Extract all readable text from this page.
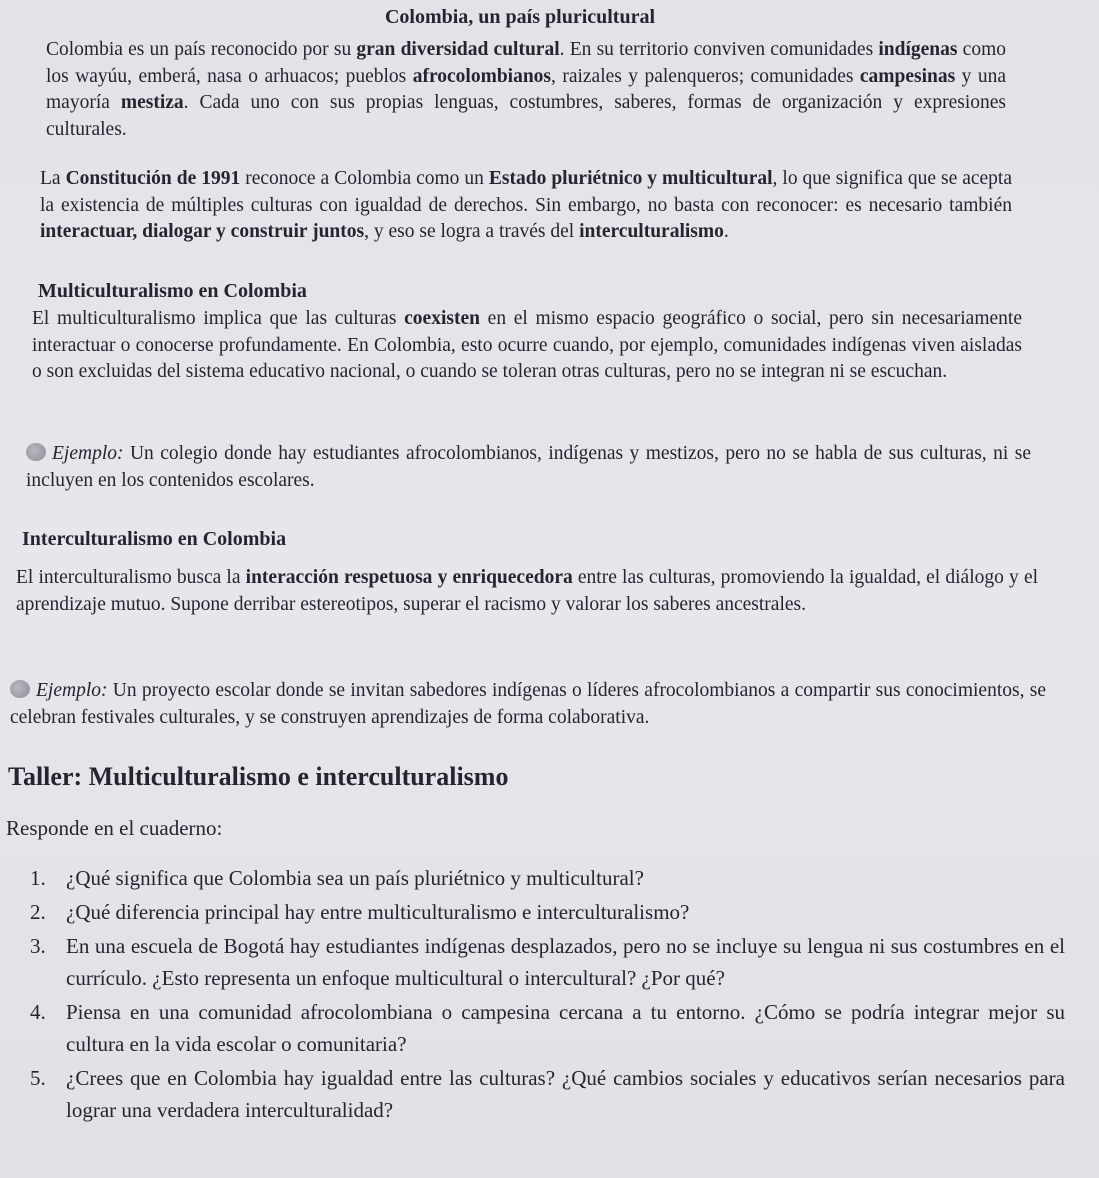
Colombia, un país pluricultural
Colombia es un país reconocido por su gran diversidad cultural. En su territorio conviven comunidades indígenas como los wayúu, emberá, nasa o arhuacos; pueblos afrocolombianos, raizales y palenqueros; comunidades campesinas y una mayoría mestiza. Cada uno con sus propias lenguas, costumbres, saberes, formas de organización y expresiones culturales.
La Constitución de 1991 reconoce a Colombia como un Estado pluriétnico y multicultural, lo que significa que se acepta la existencia de múltiples culturas con igualdad de derechos. Sin embargo, no basta con reconocer: es necesario también interactuar, dialogar y construir juntos, y eso se logra a través del interculturalismo.
Multiculturalismo en Colombia
El multiculturalismo implica que las culturas coexisten en el mismo espacio geográfico o social, pero sin necesariamente interactuar o conocerse profundamente. En Colombia, esto ocurre cuando, por ejemplo, comunidades indígenas viven aisladas o son excluidas del sistema educativo nacional, o cuando se toleran otras culturas, pero no se integran ni se escuchan.
Ejemplo: Un colegio donde hay estudiantes afrocolombianos, indígenas y mestizos, pero no se habla de sus culturas, ni se incluyen en los contenidos escolares.
Interculturalismo en Colombia
El interculturalismo busca la interacción respetuosa y enriquecedora entre las culturas, promoviendo la igualdad, el diálogo y el aprendizaje mutuo. Supone derribar estereotipos, superar el racismo y valorar los saberes ancestrales.
Ejemplo: Un proyecto escolar donde se invitan sabedores indígenas o líderes afrocolombianos a compartir sus conocimientos, se celebran festivales culturales, y se construyen aprendizajes de forma colaborativa.
Taller: Multiculturalismo e interculturalismo
Responde en el cuaderno:
1. ¿Qué significa que Colombia sea un país pluriétnico y multicultural?
2. ¿Qué diferencia principal hay entre multiculturalismo e interculturalismo?
3. En una escuela de Bogotá hay estudiantes indígenas desplazados, pero no se incluye su lengua ni sus costumbres en el currículo. ¿Esto representa un enfoque multicultural o intercultural? ¿Por qué?
4. Piensa en una comunidad afrocolombiana o campesina cercana a tu entorno. ¿Cómo se podría integrar mejor su cultura en la vida escolar o comunitaria?
5. ¿Crees que en Colombia hay igualdad entre las culturas? ¿Qué cambios sociales y educativos serían necesarios para lograr una verdadera interculturalidad?
